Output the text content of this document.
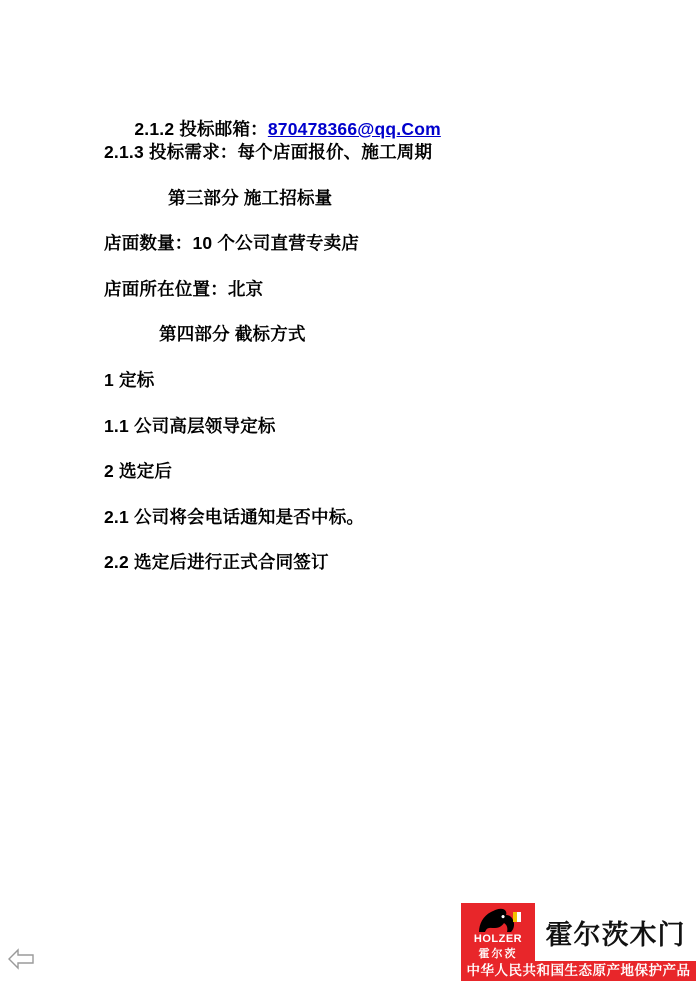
2.1.2 投标邮箱：870478366@qq.Com

2.1.3 投标需求：每个店面报价、施工周期
第三部分 施工招标量
店面数量：10 个公司直营专卖店
店面所在位置：北京
第四部分 截标方式
1 定标
1.1 公司高层领导定标
2 选定后
2.1 公司将会电话通知是否中标。
2.2 选定后进行正式合同签订
HOLZER
霍尔茨
霍尔茨木门
中华人民共和国生态原产地保护产品
